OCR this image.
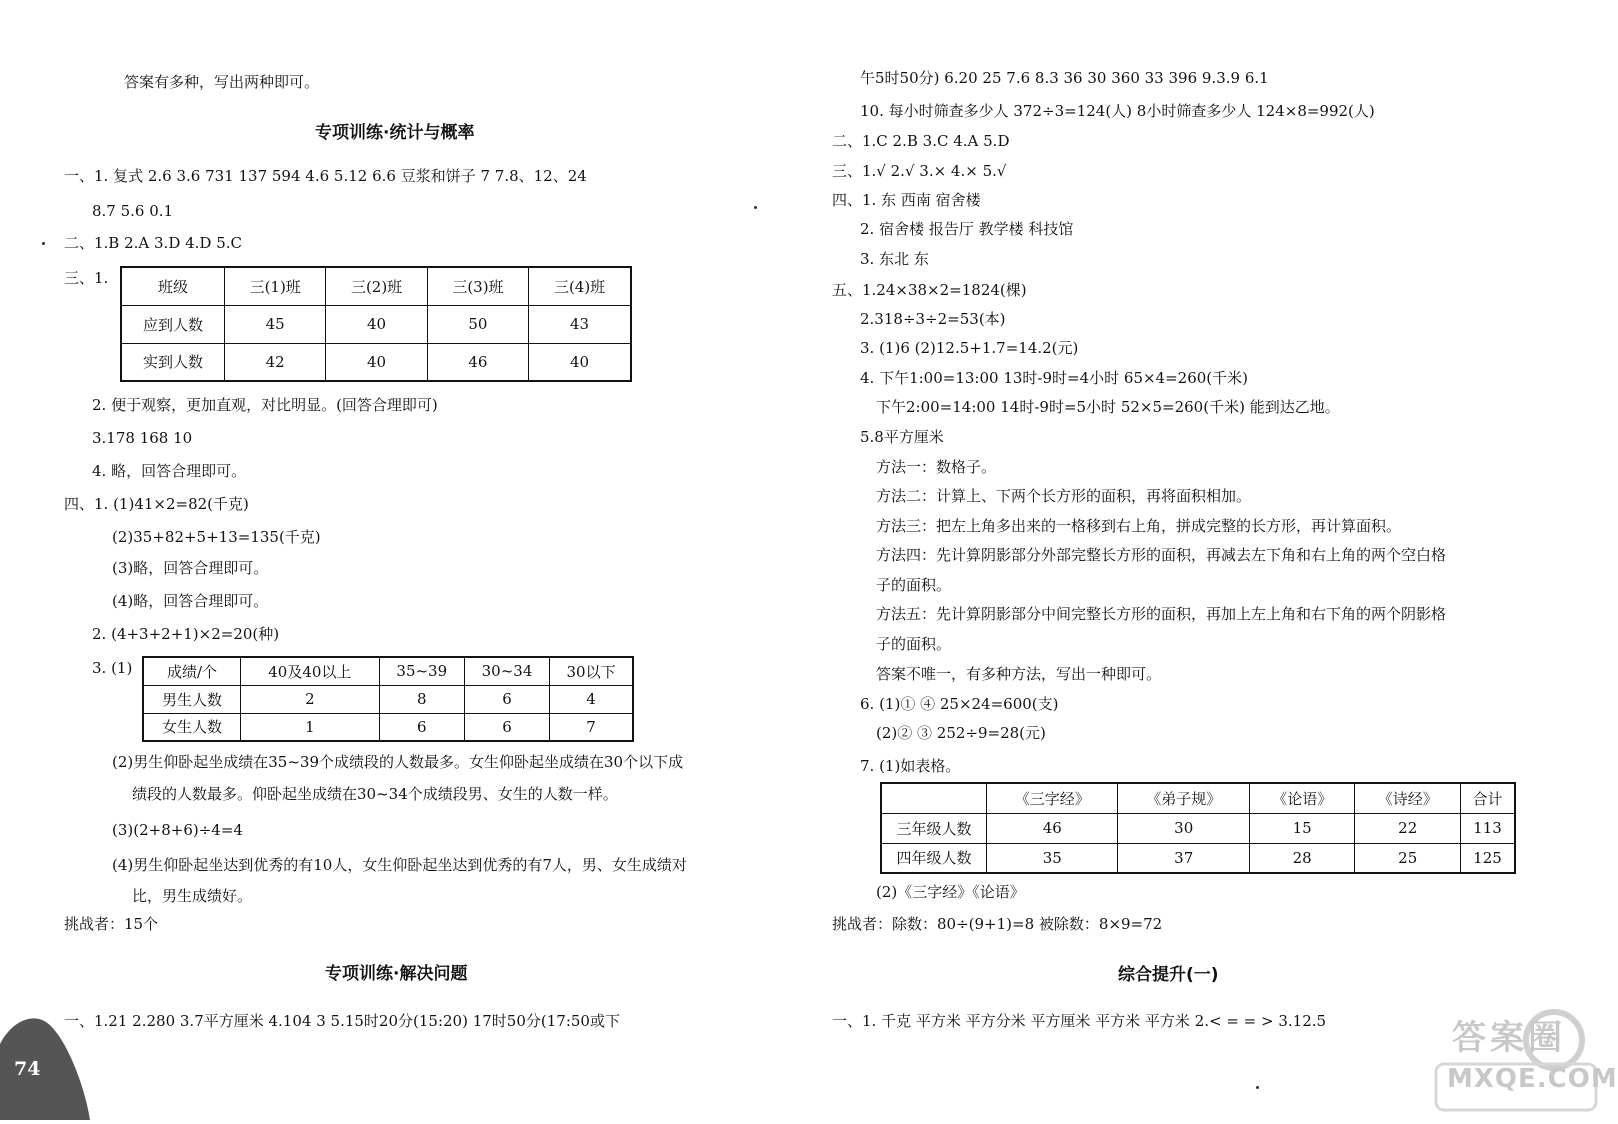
答案有多种，写出两种即可。
专项训练·统计与概率
一、1. 复式 2.6 3.6 731 137 594 4.6 5.12 6.6 豆浆和饼子 7 7.8、12、24
8.7 5.6 0.1
二、1.B 2.A 3.D 4.D 5.C
三、1.	班级	三(1)班	三(2)班	三(3)班	三(4)班
应到人数	45	40	50	43
实到人数	42	40	46	40
2. 便于观察，更加直观，对比明显。(回答合理即可)
3.178 168 10
4. 略，回答合理即可。
四、1. (1)41×2=82(千克)
(2)35+82+5+13=135(千克)
(3)略，回答合理即可。
(4)略，回答合理即可。
2. (4+3+2+1)×2=20(种)
3. (1) 成绩/个	40及40以上	35~39	30~34	30以下
男生人数	2	8	6	4
女生人数	1	6	6	7
(2)男生仰卧起坐成绩在35~39个成绩段的人数最多。女生仰卧起坐成绩在30个以下成
绩段的人数最多。仰卧起坐成绩在30~34个成绩段男、女生的人数一样。
(3)(2+8+6)÷4=4
(4)男生仰卧起坐达到优秀的有10人，女生仰卧起坐达到优秀的有7人，男、女生成绩对
比，男生成绩好。
挑战者：15个
专项训练·解决问题
一、1.21 2.280 3.7平方厘米 4.104 3 5.15时20分(15:20) 17时50分(17:50或下
74
午5时50分) 6.20 25 7.6 8.3 36 30 360 33 396 9.3.9 6.1
10. 每小时筛查多少人 372÷3=124(人) 8小时筛查多少人 124×8=992(人)
二、1.C 2.B 3.C 4.A 5.D
三、1.√ 2.√ 3.× 4.× 5.√
四、1. 东 西南 宿舍楼
2. 宿舍楼 报告厅 教学楼 科技馆
3. 东北 东
五、1.24×38×2=1824(棵)
2.318÷3÷2=53(本)
3. (1)6 (2)12.5+1.7=14.2(元)
4. 下午1:00=13:00 13时-9时=4小时 65×4=260(千米)
下午2:00=14:00 14时-9时=5小时 52×5=260(千米) 能到达乙地。
5.8平方厘米
方法一：数格子。
方法二：计算上、下两个长方形的面积，再将面积相加。
方法三：把左上角多出来的一格移到右上角，拼成完整的长方形，再计算面积。
方法四：先计算阴影部分外部完整长方形的面积，再减去左下角和右上角的两个空白格
子的面积。
方法五：先计算阴影部分中间完整长方形的面积，再加上左上角和右下角的两个阴影格
子的面积。
答案不唯一，有多种方法，写出一种即可。
6. (1)① ④ 25×24=600(支)
(2)② ③ 252÷9=28(元)
7. (1)如表格。
	《三字经》	《弟子规》	《论语》	《诗经》	合计
三年级人数	46	30	15	22	113
四年级人数	35	37	28	25	125
(2)《三字经》《论语》
挑战者：除数：80÷(9+1)=8 被除数：8×9=72
综合提升(一)
一、1. 千克 平方米 平方分米 平方厘米 平方米 平方米 2.< = = > 3.12.5	答案圈
MXQE.COM
